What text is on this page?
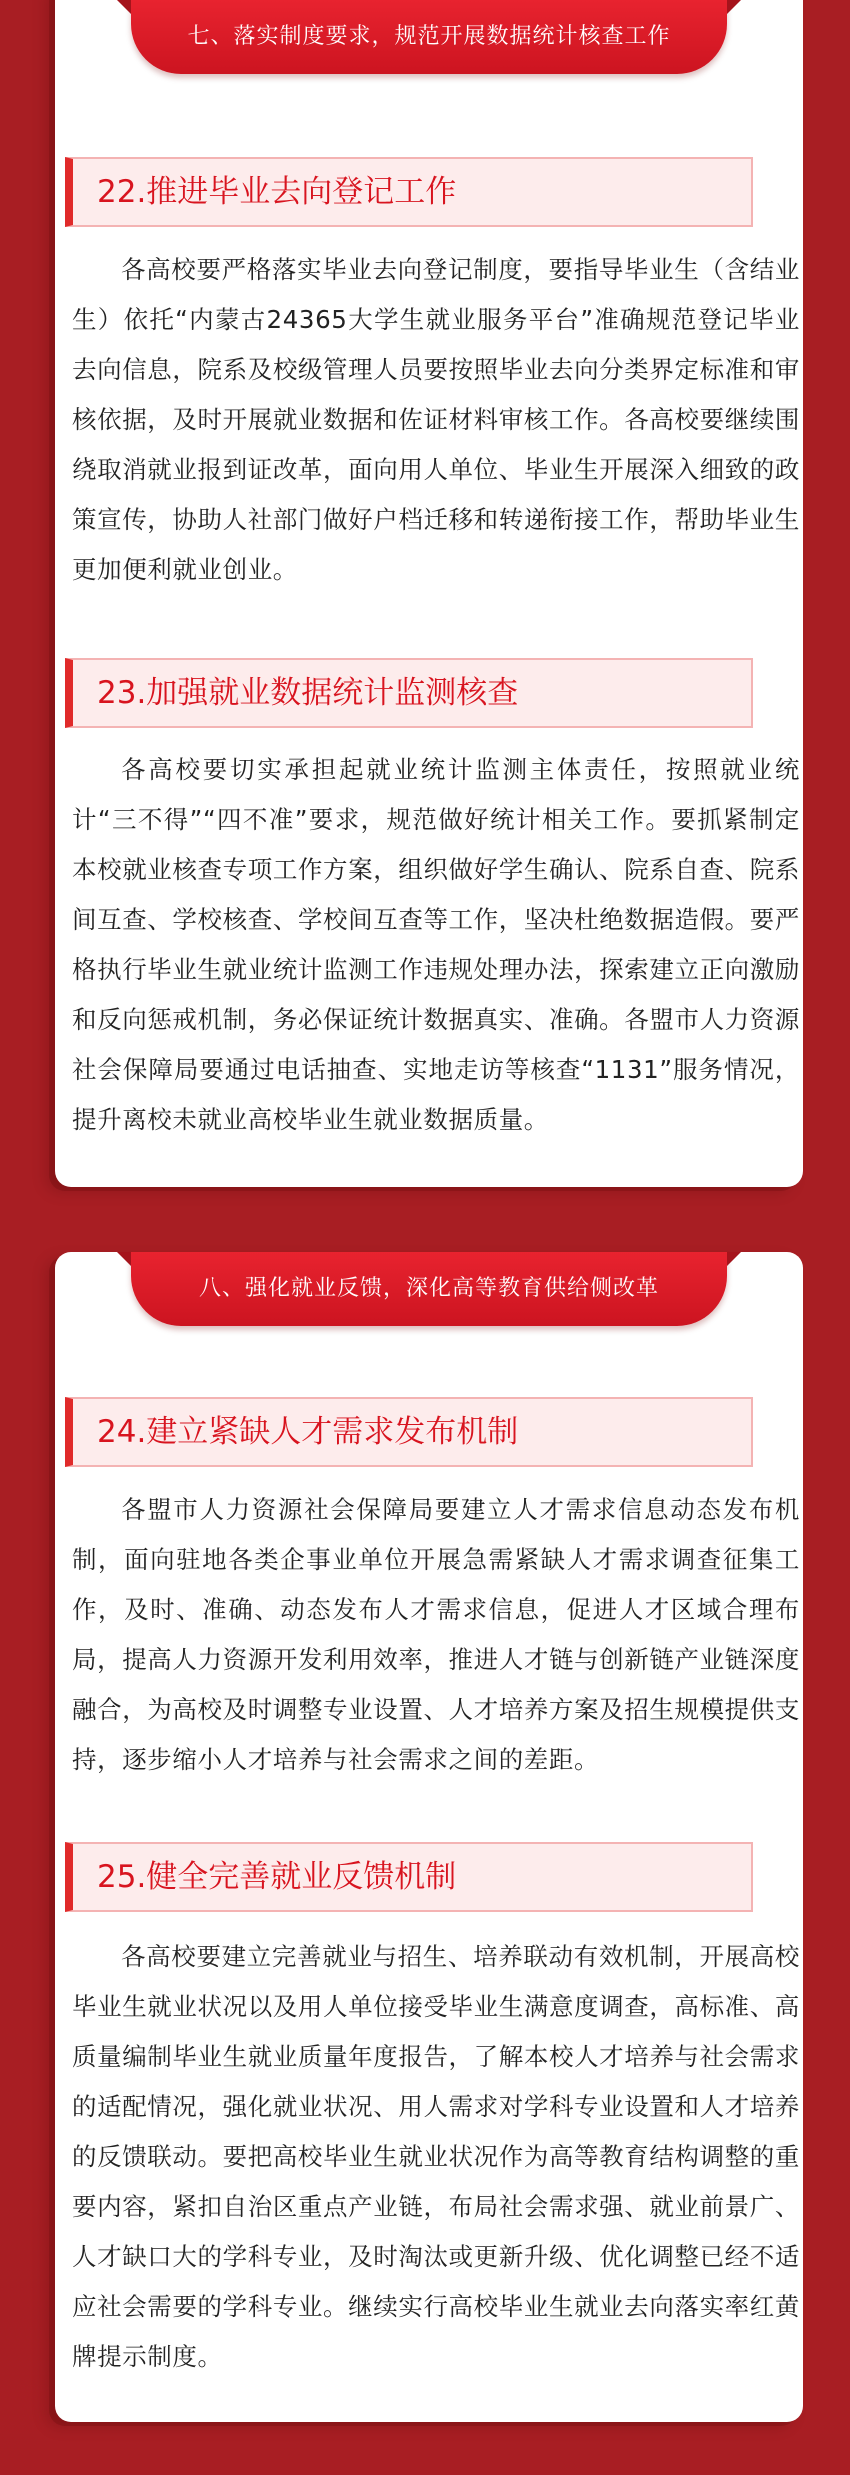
七、落实制度要求，规范开展数据统计核查工作
22.推进毕业去向登记工作
各高校要严格落实毕业去向登记制度，要指导毕业生（含结业生）依托“内蒙古24365大学生就业服务平台”准确规范登记毕业去向信息，院系及校级管理人员要按照毕业去向分类界定标准和审核依据，及时开展就业数据和佐证材料审核工作。各高校要继续围绕取消就业报到证改革，面向用人单位、毕业生开展深入细致的政策宣传，协助人社部门做好户档迁移和转递衔接工作，帮助毕业生更加便利就业创业。
23.加强就业数据统计监测核查
各高校要切实承担起就业统计监测主体责任，按照就业统计“三不得”“四不准”要求，规范做好统计相关工作。要抓紧制定本校就业核查专项工作方案，组织做好学生确认、院系自查、院系间互查、学校核查、学校间互查等工作，坚决杜绝数据造假。要严格执行毕业生就业统计监测工作违规处理办法，探索建立正向激励和反向惩戒机制，务必保证统计数据真实、准确。各盟市人力资源社会保障局要通过电话抽查、实地走访等核查“1131”服务情况，提升离校未就业高校毕业生就业数据质量。
八、强化就业反馈，深化高等教育供给侧改革
24.建立紧缺人才需求发布机制
各盟市人力资源社会保障局要建立人才需求信息动态发布机制，面向驻地各类企事业单位开展急需紧缺人才需求调查征集工作，及时、准确、动态发布人才需求信息，促进人才区域合理布局，提高人力资源开发利用效率，推进人才链与创新链产业链深度融合，为高校及时调整专业设置、人才培养方案及招生规模提供支持，逐步缩小人才培养与社会需求之间的差距。
25.健全完善就业反馈机制
各高校要建立完善就业与招生、培养联动有效机制，开展高校毕业生就业状况以及用人单位接受毕业生满意度调查，高标准、高质量编制毕业生就业质量年度报告，了解本校人才培养与社会需求的适配情况，强化就业状况、用人需求对学科专业设置和人才培养的反馈联动。要把高校毕业生就业状况作为高等教育结构调整的重要内容，紧扣自治区重点产业链，布局社会需求强、就业前景广、人才缺口大的学科专业，及时淘汰或更新升级、优化调整已经不适应社会需要的学科专业。继续实行高校毕业生就业去向落实率红黄牌提示制度。
